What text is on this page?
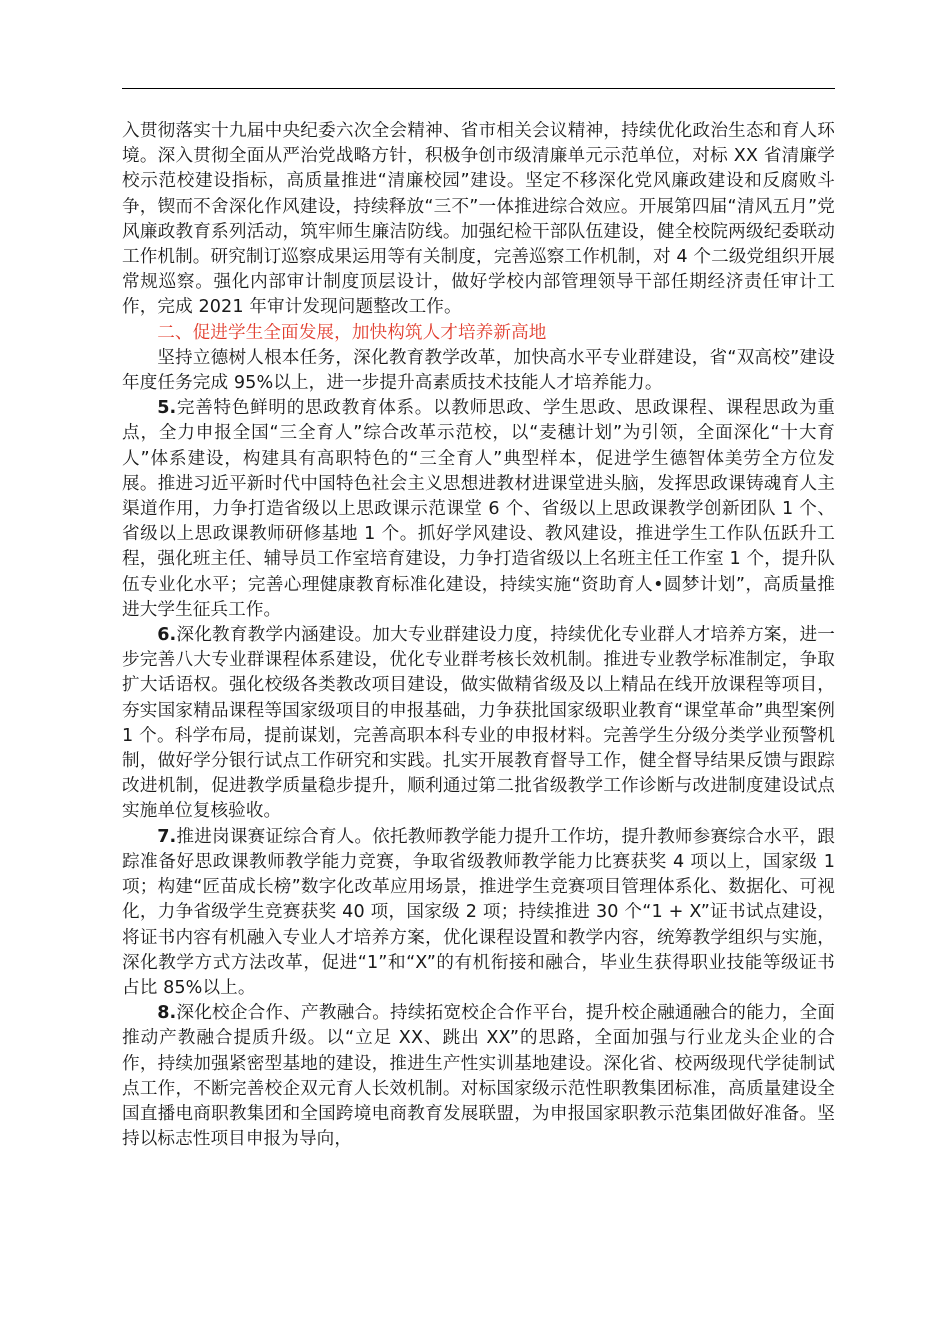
入贯彻落实十九届中央纪委六次全会精神、省市相关会议精神，持续优化政治生态和育人环境。深入贯彻全面从严治党战略方针，积极争创市级清廉单元示范单位，对标 XX 省清廉学校示范校建设指标，高质量推进“清廉校园”建设。坚定不移深化党风廉政建设和反腐败斗争，锲而不舍深化作风建设，持续释放“三不”一体推进综合效应。开展第四届“清风五月”党风廉政教育系列活动，筑牢师生廉洁防线。加强纪检干部队伍建设，健全校院两级纪委联动工作机制。研究制订巡察成果运用等有关制度，完善巡察工作机制，对 4 个二级党组织开展常规巡察。强化内部审计制度顶层设计，做好学校内部管理领导干部任期经济责任审计工作，完成 2021 年审计发现问题整改工作。

二、促进学生全面发展，加快构筑人才培养新高地

坚持立德树人根本任务，深化教育教学改革，加快高水平专业群建设，省“双高校”建设年度任务完成 95%以上，进一步提升高素质技术技能人才培养能力。

5.完善特色鲜明的思政教育体系。以教师思政、学生思政、思政课程、课程思政为重点，全力申报全国“三全育人”综合改革示范校，以“麦穗计划”为引领，全面深化“十大育人”体系建设，构建具有高职特色的“三全育人”典型样本，促进学生德智体美劳全方位发展。推进习近平新时代中国特色社会主义思想进教材进课堂进头脑，发挥思政课铸魂育人主渠道作用，力争打造省级以上思政课示范课堂 6 个、省级以上思政课教学创新团队 1 个、省级以上思政课教师研修基地 1 个。抓好学风建设、教风建设，推进学生工作队伍跃升工程，强化班主任、辅导员工作室培育建设，力争打造省级以上名班主任工作室 1 个，提升队伍专业化水平；完善心理健康教育标准化建设，持续实施“资助育人•圆梦计划”，高质量推进大学生征兵工作。

6.深化教育教学内涵建设。加大专业群建设力度，持续优化专业群人才培养方案，进一步完善八大专业群课程体系建设，优化专业群考核长效机制。推进专业教学标准制定，争取扩大话语权。强化校级各类教改项目建设，做实做精省级及以上精品在线开放课程等项目，夯实国家精品课程等国家级项目的申报基础，力争获批国家级职业教育“课堂革命”典型案例 1 个。科学布局，提前谋划，完善高职本科专业的申报材料。完善学生分级分类学业预警机制，做好学分银行试点工作研究和实践。扎实开展教育督导工作，健全督导结果反馈与跟踪改进机制，促进教学质量稳步提升，顺利通过第二批省级教学工作诊断与改进制度建设试点实施单位复核验收。

7.推进岗课赛证综合育人。依托教师教学能力提升工作坊，提升教师参赛综合水平，跟踪准备好思政课教师教学能力竞赛，争取省级教师教学能力比赛获奖 4 项以上，国家级 1 项；构建“匠苗成长榜”数字化改革应用场景，推进学生竞赛项目管理体系化、数据化、可视化，力争省级学生竞赛获奖 40 项，国家级 2 项；持续推进 30 个“1 + X”证书试点建设，将证书内容有机融入专业人才培养方案，优化课程设置和教学内容，统筹教学组织与实施，深化教学方式方法改革，促进“1”和“X”的有机衔接和融合，毕业生获得职业技能等级证书占比 85%以上。

8.深化校企合作、产教融合。持续拓宽校企合作平台，提升校企融通融合的能力，全面推动产教融合提质升级。以“立足 XX、跳出 XX”的思路，全面加强与行业龙头企业的合作，持续加强紧密型基地的建设，推进生产性实训基地建设。深化省、校两级现代学徒制试点工作，不断完善校企双元育人长效机制。对标国家级示范性职教集团标准，高质量建设全国直播电商职教集团和全国跨境电商教育发展联盟，为申报国家职教示范集团做好准备。坚持以标志性项目申报为导向，
